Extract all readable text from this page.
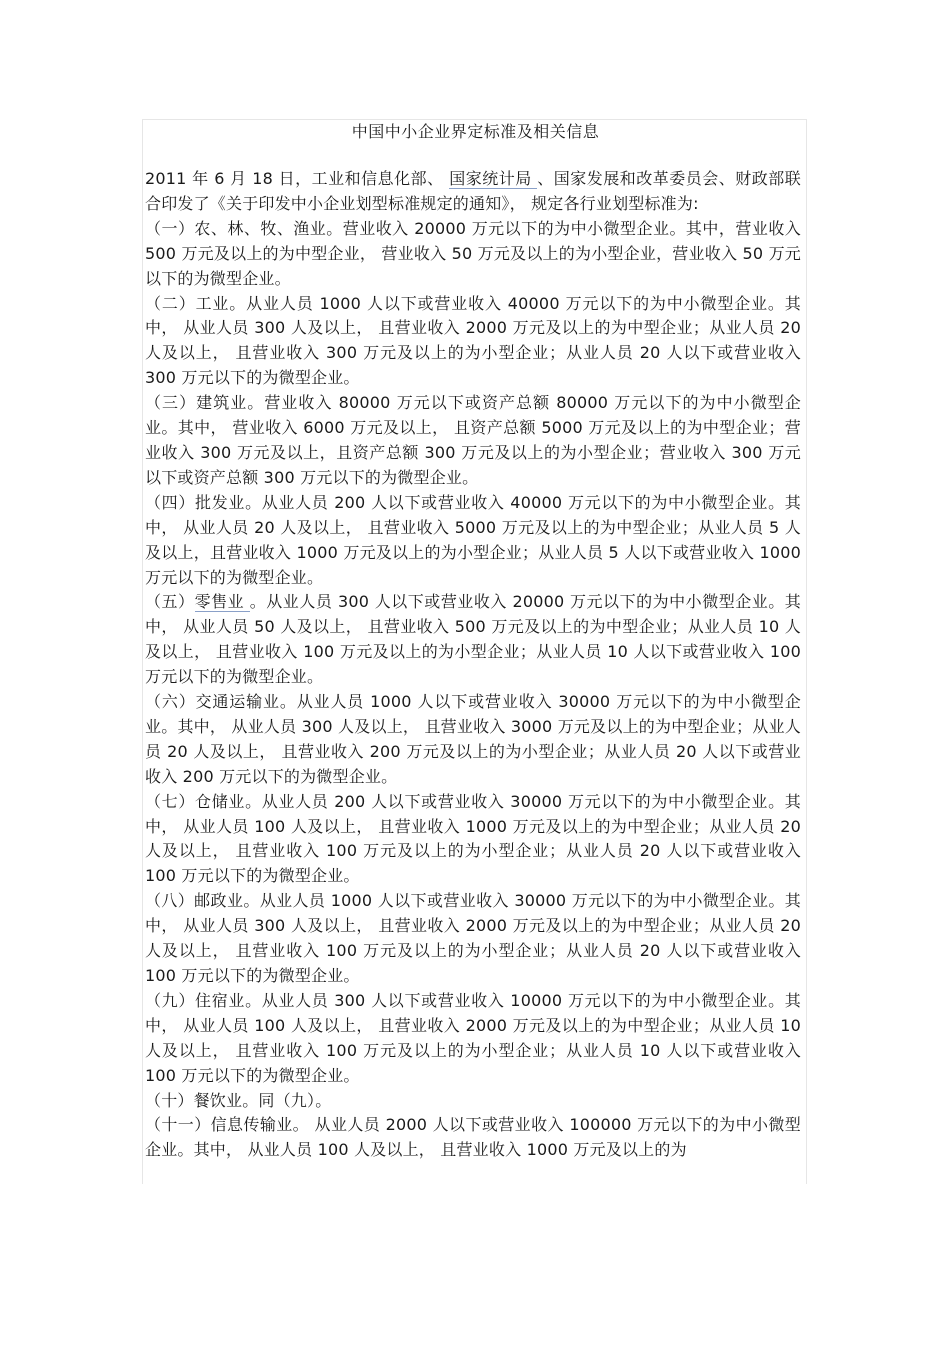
中国中小企业界定标准及相关信息

2011 年 6 月 18 日，工业和信息化部、 国家统计局 、国家发展和改革委员会、财政部联合印发了《关于印发中小企业划型标准规定的通知》， 规定各行业划型标准为:

（一）农、林、牧、渔业。营业收入 20000 万元以下的为中小微型企业。其中，营业收入 500 万元及以上的为中型企业， 营业收入 50 万元及以上的为小型企业，营业收入 50 万元以下的为微型企业。

（二）工业。从业人员 1000 人以下或营业收入 40000 万元以下的为中小微型企业。其中， 从业人员 300 人及以上， 且营业收入 2000 万元及以上的为中型企业；从业人员 20 人及以上， 且营业收入 300 万元及以上的为小型企业；从业人员 20 人以下或营业收入 300 万元以下的为微型企业。

（三）建筑业。营业收入 80000 万元以下或资产总额 80000 万元以下的为中小微型企业。其中， 营业收入 6000 万元及以上， 且资产总额 5000 万元及以上的为中型企业；营业收入 300 万元及以上，且资产总额 300 万元及以上的为小型企业；营业收入 300 万元以下或资产总额 300 万元以下的为微型企业。

（四）批发业。从业人员 200 人以下或营业收入 40000 万元以下的为中小微型企业。其中， 从业人员 20 人及以上， 且营业收入 5000 万元及以上的为中型企业；从业人员 5 人及以上，且营业收入 1000 万元及以上的为小型企业；从业人员 5 人以下或营业收入 1000 万元以下的为微型企业。

（五）零售业 。从业人员 300 人以下或营业收入 20000 万元以下的为中小微型企业。其中， 从业人员 50 人及以上， 且营业收入 500 万元及以上的为中型企业；从业人员 10 人及以上， 且营业收入 100 万元及以上的为小型企业；从业人员 10 人以下或营业收入 100 万元以下的为微型企业。

（六）交通运输业。从业人员 1000 人以下或营业收入 30000 万元以下的为中小微型企业。其中， 从业人员 300 人及以上， 且营业收入 3000 万元及以上的为中型企业；从业人员 20 人及以上， 且营业收入 200 万元及以上的为小型企业；从业人员 20 人以下或营业收入 200 万元以下的为微型企业。

（七）仓储业。从业人员 200 人以下或营业收入 30000 万元以下的为中小微型企业。其中， 从业人员 100 人及以上， 且营业收入 1000 万元及以上的为中型企业；从业人员 20 人及以上， 且营业收入 100 万元及以上的为小型企业；从业人员 20 人以下或营业收入 100 万元以下的为微型企业。

（八）邮政业。从业人员 1000 人以下或营业收入 30000 万元以下的为中小微型企业。其中， 从业人员 300 人及以上， 且营业收入 2000 万元及以上的为中型企业；从业人员 20 人及以上， 且营业收入 100 万元及以上的为小型企业；从业人员 20 人以下或营业收入 100 万元以下的为微型企业。

（九）住宿业。从业人员 300 人以下或营业收入 10000 万元以下的为中小微型企业。其中， 从业人员 100 人及以上， 且营业收入 2000 万元及以上的为中型企业；从业人员 10 人及以上， 且营业收入 100 万元及以上的为小型企业；从业人员 10 人以下或营业收入 100 万元以下的为微型企业。

（十）餐饮业。同（九）。

（十一）信息传输业。 从业人员 2000 人以下或营业收入 100000 万元以下的为中小微型企业。其中， 从业人员 100 人及以上， 且营业收入 1000 万元及以上的为
